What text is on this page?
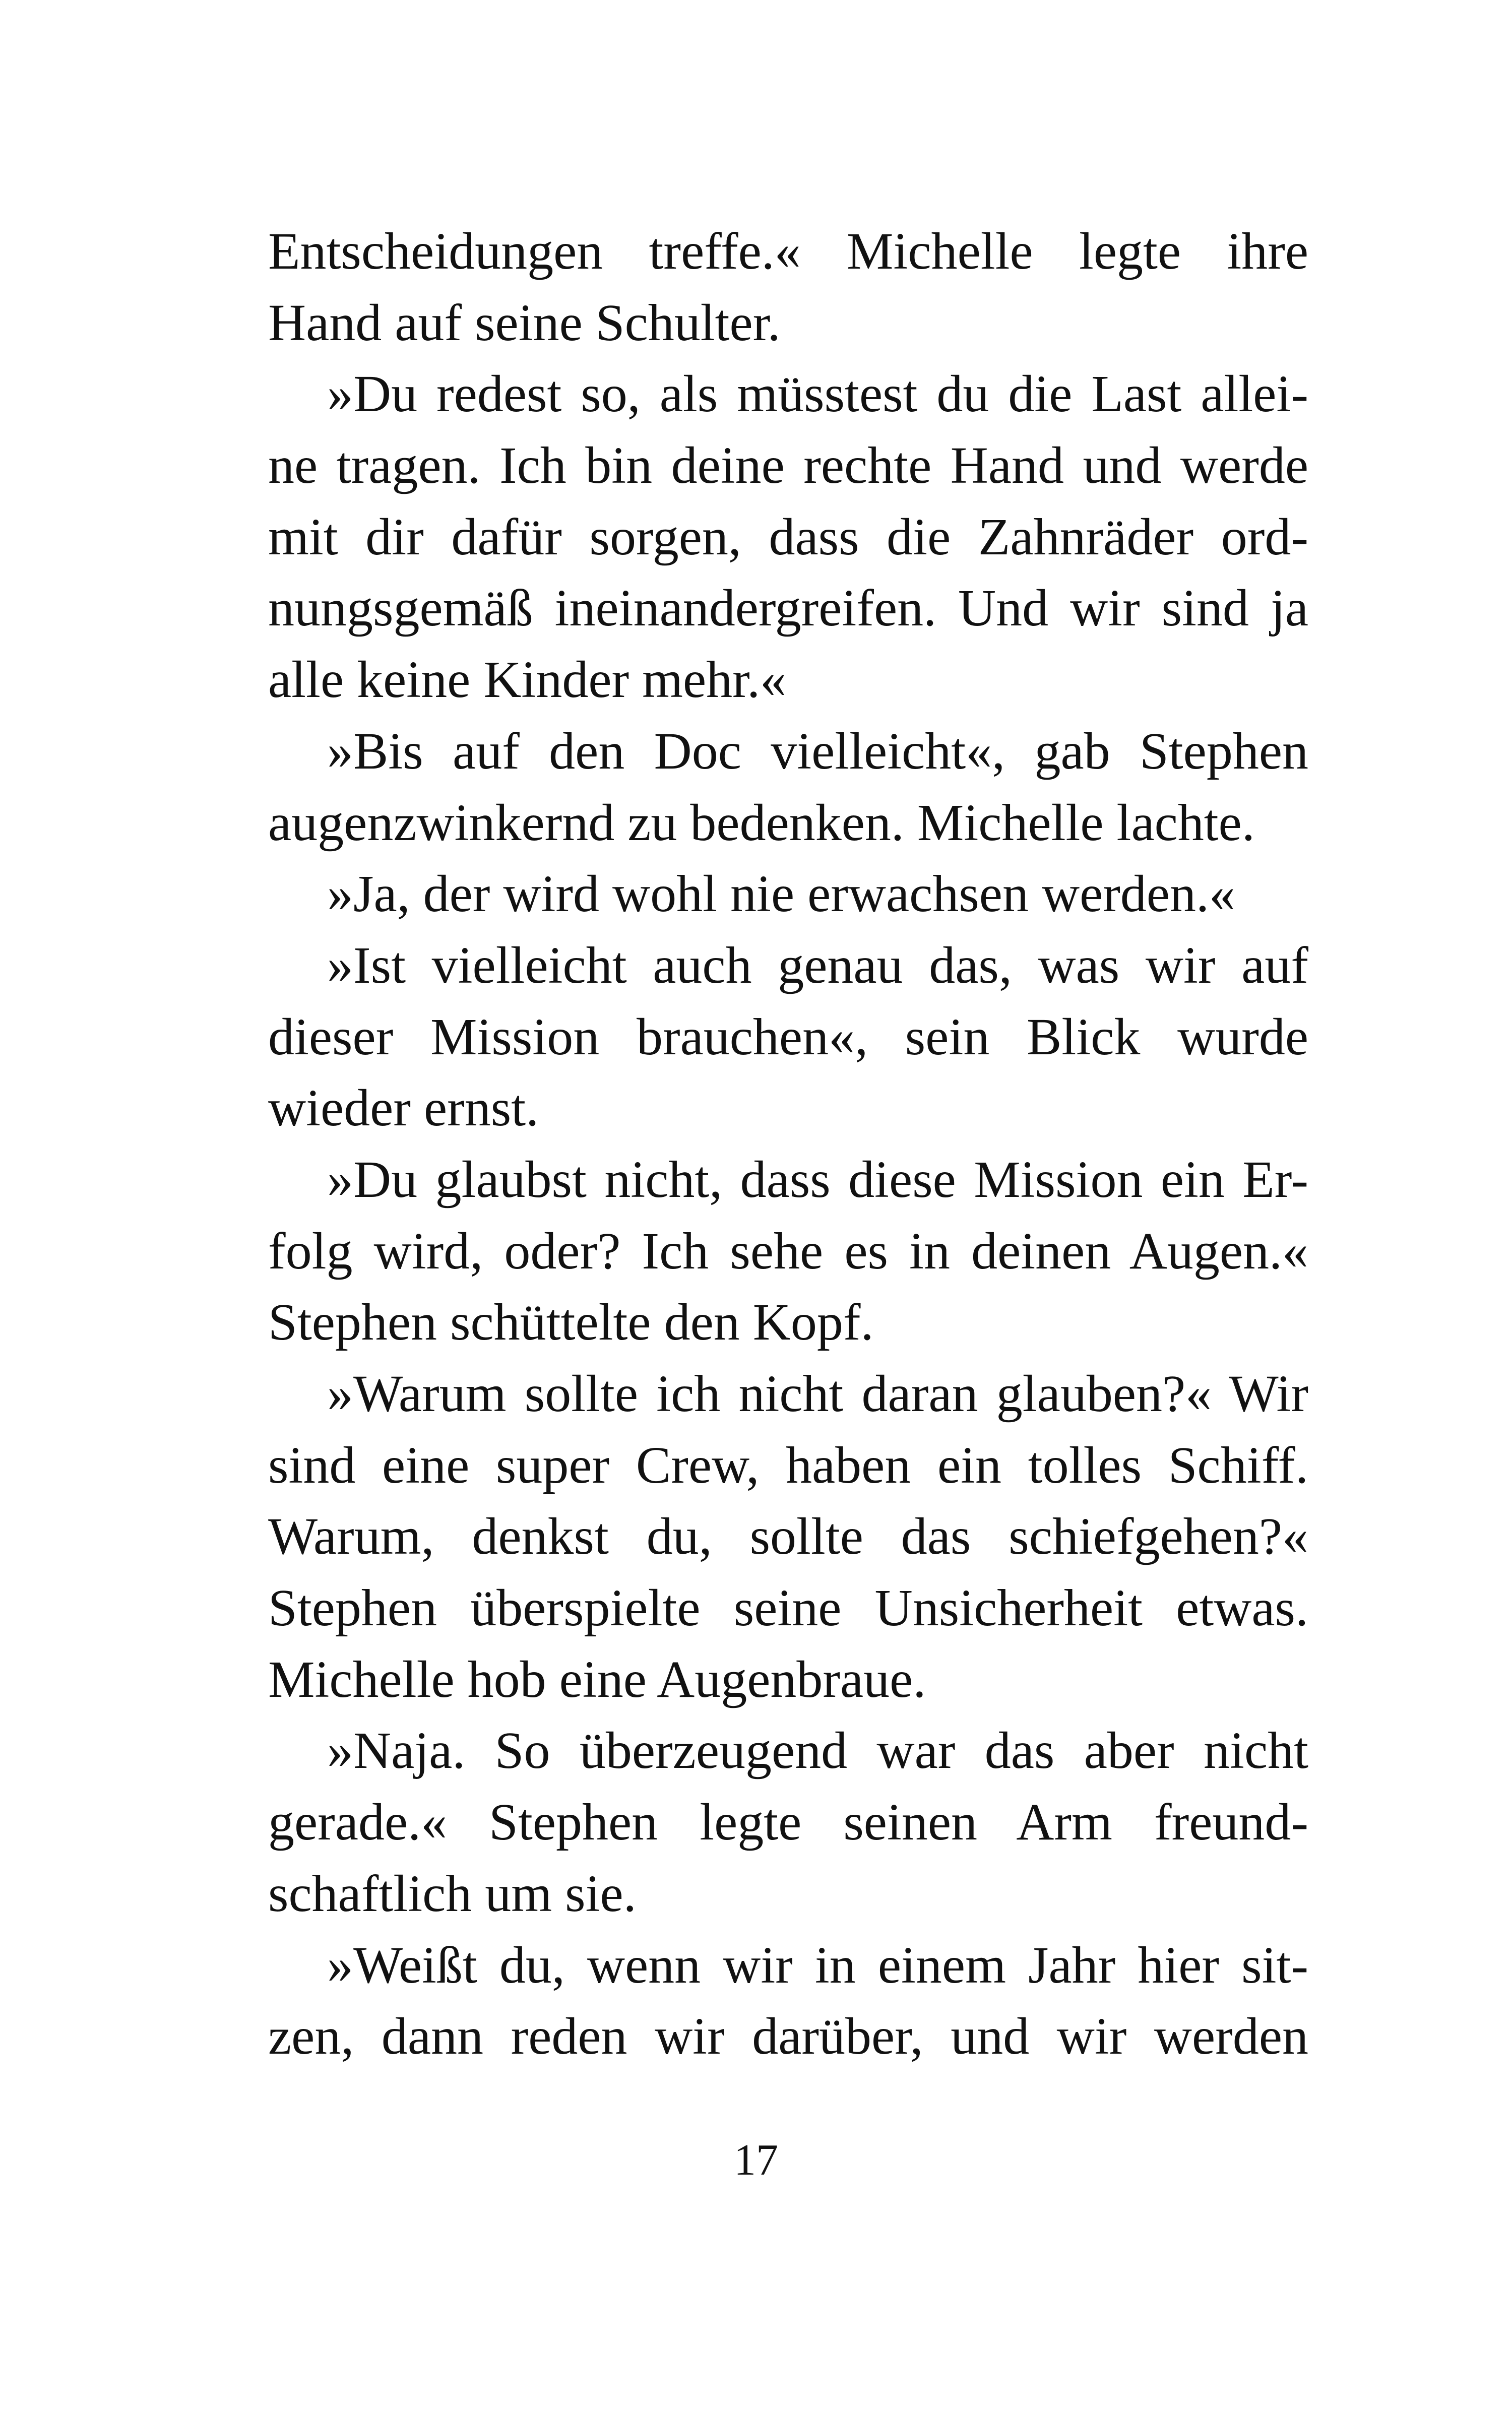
Entscheidungen treffe.« Michelle legte ihre
Hand auf seine Schulter.
»Du redest so, als müsstest du die Last allei-
ne tragen. Ich bin deine rechte Hand und werde
mit dir dafür sorgen, dass die Zahnräder ord-
nungsgemäß ineinandergreifen. Und wir sind ja
alle keine Kinder mehr.«
»Bis auf den Doc vielleicht«, gab Stephen
augenzwinkernd zu bedenken. Michelle lachte.
»Ja, der wird wohl nie erwachsen werden.«
»Ist vielleicht auch genau das, was wir auf
dieser Mission brauchen«, sein Blick wurde
wieder ernst.
»Du glaubst nicht, dass diese Mission ein Er-
folg wird, oder? Ich sehe es in deinen Augen.«
Stephen schüttelte den Kopf.
»Warum sollte ich nicht daran glauben?« Wir
sind eine super Crew, haben ein tolles Schiff.
Warum, denkst du, sollte das schiefgehen?«
Stephen überspielte seine Unsicherheit etwas.
Michelle hob eine Augenbraue.
»Naja. So überzeugend war das aber nicht
gerade.« Stephen legte seinen Arm freund-
schaftlich um sie.
»Weißt du, wenn wir in einem Jahr hier sit-
zen, dann reden wir darüber, und wir werden
17
